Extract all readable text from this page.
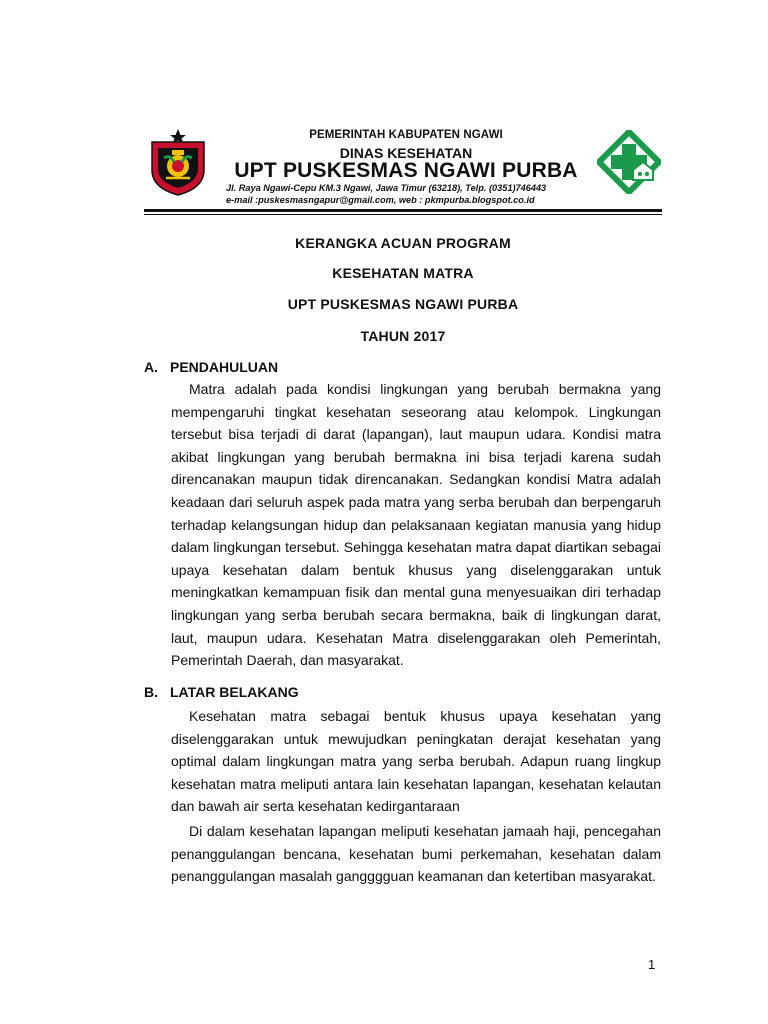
PEMERINTAH KABUPATEN NGAWI
DINAS KESEHATAN
UPT PUSKESMAS NGAWI PURBA
Jl. Raya Ngawi-Cepu KM.3 Ngawi, Jawa Timur (63218), Telp. (0351)746443
e-mail :puskesmasngapur@gmail.com, web : pkmpurba.blogspot.co.id
KERANGKA ACUAN PROGRAM
KESEHATAN MATRA
UPT PUSKESMAS NGAWI PURBA
TAHUN 2017
A. PENDAHULUAN
Matra adalah pada kondisi lingkungan yang berubah bermakna yang mempengaruhi tingkat kesehatan seseorang atau kelompok. Lingkungan tersebut bisa terjadi di darat (lapangan), laut maupun udara. Kondisi matra akibat lingkungan yang berubah bermakna ini bisa terjadi karena sudah direncanakan maupun tidak direncanakan. Sedangkan kondisi Matra adalah keadaan dari seluruh aspek pada matra yang serba berubah dan berpengaruh terhadap kelangsungan hidup dan pelaksanaan kegiatan manusia yang hidup dalam lingkungan tersebut. Sehingga kesehatan matra dapat diartikan sebagai upaya kesehatan dalam bentuk khusus yang diselenggarakan untuk meningkatkan kemampuan fisik dan mental guna menyesuaikan diri terhadap lingkungan yang serba berubah secara bermakna, baik di lingkungan darat, laut, maupun udara. Kesehatan Matra diselenggarakan oleh Pemerintah, Pemerintah Daerah, dan masyarakat.
B. LATAR BELAKANG
Kesehatan matra sebagai bentuk khusus upaya kesehatan yang diselenggarakan untuk mewujudkan peningkatan derajat kesehatan yang optimal dalam lingkungan matra yang serba berubah. Adapun ruang lingkup kesehatan matra meliputi antara lain kesehatan lapangan, kesehatan kelautan dan bawah air serta kesehatan kedirgantaraan
Di dalam kesehatan lapangan meliputi kesehatan jamaah haji, pencegahan penanggulangan bencana, kesehatan bumi perkemahan, kesehatan dalam penanggulangan masalah gangggguan keamanan dan ketertiban masyarakat.
1
